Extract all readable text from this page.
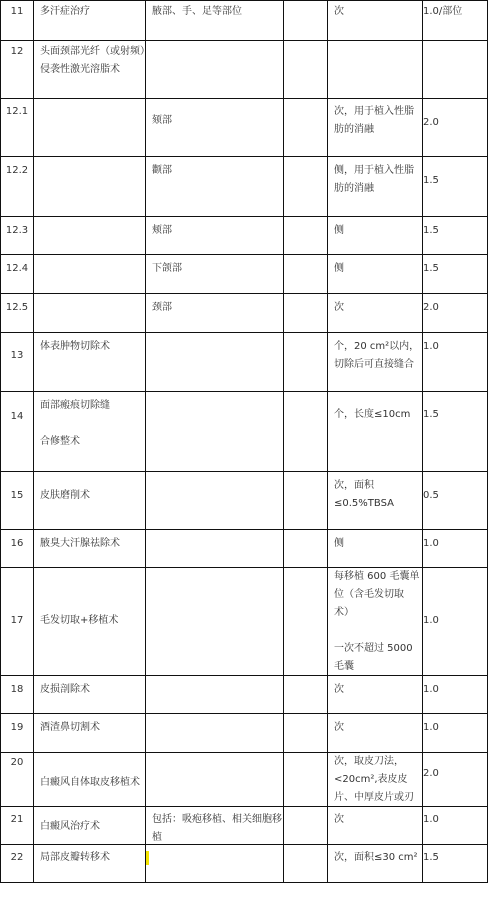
11	多汗症治疗	腋部、手、足等部位		次	1.0/部位

12	头面颈部光纤（或射频）侵袭性激光溶脂术				

12.1		颏部		次，用于植入性脂肪的消融	2.0

12.2		颧部		侧，用于植入性脂肪的消融	1.5

12.3		颊部		侧	1.5

12.4		下颌部		侧	1.5

12.5		颈部		次	2.0

13	体表肿物切除术			个，20 cm²以内，切除后可直接缝合	1.0

14	面部瘢痕切除缝

合修整术			个，长度≤10cm	1.5

15	皮肤磨削术			次，面积
≤0.5%TBSA	0.5

16	腋臭大汗腺祛除术			侧	1.0

17	毛发切取+移植术			每移植 600 毛囊单位（含毛发切取术）

一次不超过 5000毛囊	1.0

18	皮损剖除术			次	1.0

19	酒渣鼻切割术			次	1.0

20	白癜风自体取皮移植术			次，取皮刀法，<20cm²,表皮皮片、中厚皮片或刃	2.0

21	白癜风治疗术	包括：吸疱移植、相关细胞移植		次	1.0

22	局部皮瓣转移术			次，面积≤30 cm²	1.5
